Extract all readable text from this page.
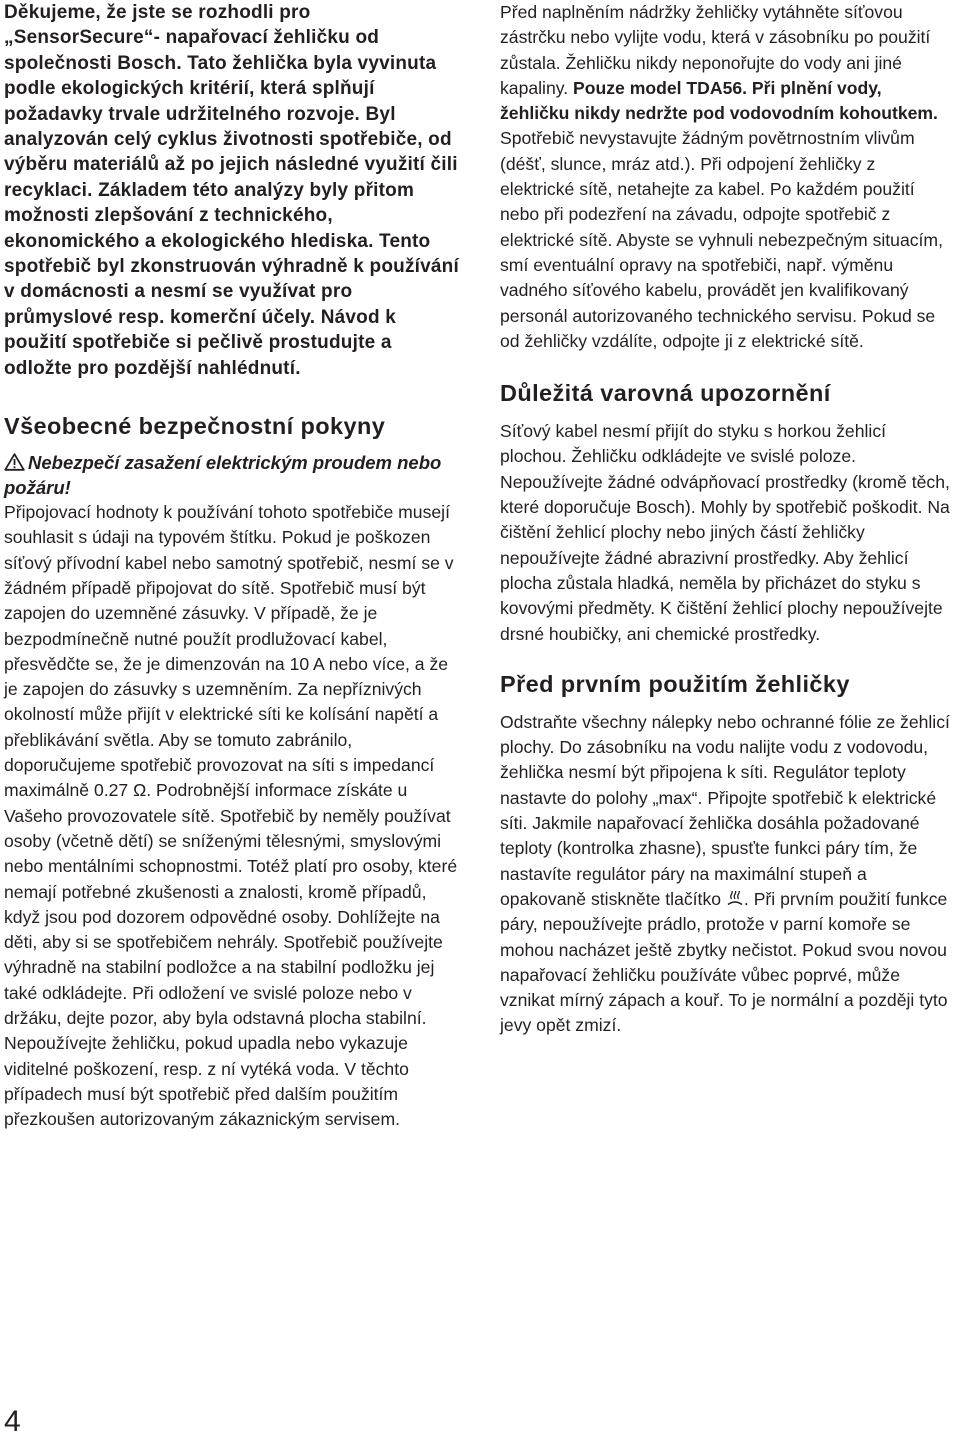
Děkujeme, že jste se rozhodli pro „SensorSecure“- napařovací žehličku od společnosti Bosch. Tato žehlička byla vyvinuta podle ekologických kritérií, která splňují požadavky trvale udržitelného rozvoje. Byl analyzován celý cyklus životnosti spotřebiče, od výběru materiálů až po jejich následné využití čili recyklaci. Základem této analýzy byly přitom možnosti zlepšování z technického, ekonomického a ekologického hlediska. Tento spotřebič byl zkonstruován výhradně k používání v domácnosti a nesmí se využívat pro průmyslové resp. komerční účely. Návod k použití spotřebiče si pečlivě prostudujte a odložte pro pozdější nahlédnutí.

Všeobecné bezpečnostní pokyny

Nebezpečí zasažení elektrickým proudem nebo požáru!

Připojovací hodnoty k používání tohoto spotřebiče musejí souhlasit s údaji na typovém štítku. Pokud je poškozen síťový přívodní kabel nebo samotný spotřebič, nesmí se v žádném případě připojovat do sítě. Spotřebič musí být zapojen do uzemněné zásuvky. V případě, že je bezpodmínečně nutné použít prodlužovací kabel, přesvědčte se, že je dimenzován na 10 A nebo více, a že je zapojen do zásuvky s uzemněním. Za nepříznivých okolností může přijít v elektrické síti ke kolísání napětí a přeblikávání světla. Aby se tomuto zabránilo, doporučujeme spotřebič provozovat na síti s impedancí maximálně 0.27 Ω. Podrobnější informace získáte u Vašeho provozovatele sítě. Spotřebič by neměly používat osoby (včetně dětí) se sníženými tělesnými, smyslovými nebo mentálními schopnostmi. Totéž platí pro osoby, které nemají potřebné zkušenosti a znalosti, kromě případů, když jsou pod dozorem odpovědné osoby. Dohlížejte na děti, aby si se spotřebičem nehrály. Spotřebič používejte výhradně na stabilní podložce a na stabilní podložku jej také odkládejte. Při odložení ve svislé poloze nebo v držáku, dejte pozor, aby byla odstavná plocha stabilní. Nepoužívejte žehličku, pokud upadla nebo vykazuje viditelné poškození, resp. z ní vytéká voda. V těchto případech musí být spotřebič před dalším použitím přezkoušen autorizovaným zákaznickým servisem.

Před naplněním nádržky žehličky vytáhněte síťovou zástrčku nebo vylijte vodu, která v zásobníku po použití zůstala. Žehličku nikdy neponořujte do vody ani jiné kapaliny. Pouze model TDA56. Při plnění vody, žehličku nikdy nedržte pod vodovodním kohoutkem. Spotřebič nevystavujte žádným povětrnostním vlivům (déšť, slunce, mráz atd.). Při odpojení žehličky z elektrické sítě, netahejte za kabel. Po každém použití nebo při podezření na závadu, odpojte spotřebič z elektrické sítě. Abyste se vyhnuli nebezpečným situacím, smí eventuální opravy na spotřebiči, např. výměnu vadného síťového kabelu, provádět jen kvalifikovaný personál autorizovaného technického servisu. Pokud se od žehličky vzdálíte, odpojte ji z elektrické sítě.

Důležitá varovná upozornění

Síťový kabel nesmí přijít do styku s horkou žehlicí plochou. Žehličku odkládejte ve svislé poloze. Nepoužívejte žádné odvápňovací prostředky (kromě těch, které doporučuje Bosch). Mohly by spotřebič poškodit. Na čištění žehlicí plochy nebo jiných částí žehličky nepoužívejte žádné abrazivní prostředky. Aby žehlicí plocha zůstala hladká, neměla by přicházet do styku s kovovými předměty. K čištění žehlicí plochy nepoužívejte drsné houbičky, ani chemické prostředky.

Před prvním použitím žehličky

Odstraňte všechny nálepky nebo ochranné fólie ze žehlicí plochy. Do zásobníku na vodu nalijte vodu z vodovodu, žehlička nesmí být připojena k síti. Regulátor teploty nastavte do polohy „max“. Připojte spotřebič k elektrické síti. Jakmile napařovací žehlička dosáhla požadované teploty (kontrolka zhasne), spusťte funkci páry tím, že nastavíte regulátor páry na maximální stupeň a opakovaně stiskněte tlačítko . Při prvním použití funkce páry, nepoužívejte prádlo, protože v parní komoře se mohou nacházet ještě zbytky nečistot. Pokud svou novou napařovací žehličku používáte vůbec poprvé, může vznikat mírný zápach a kouř. To je normální a později tyto jevy opět zmizí.

4
